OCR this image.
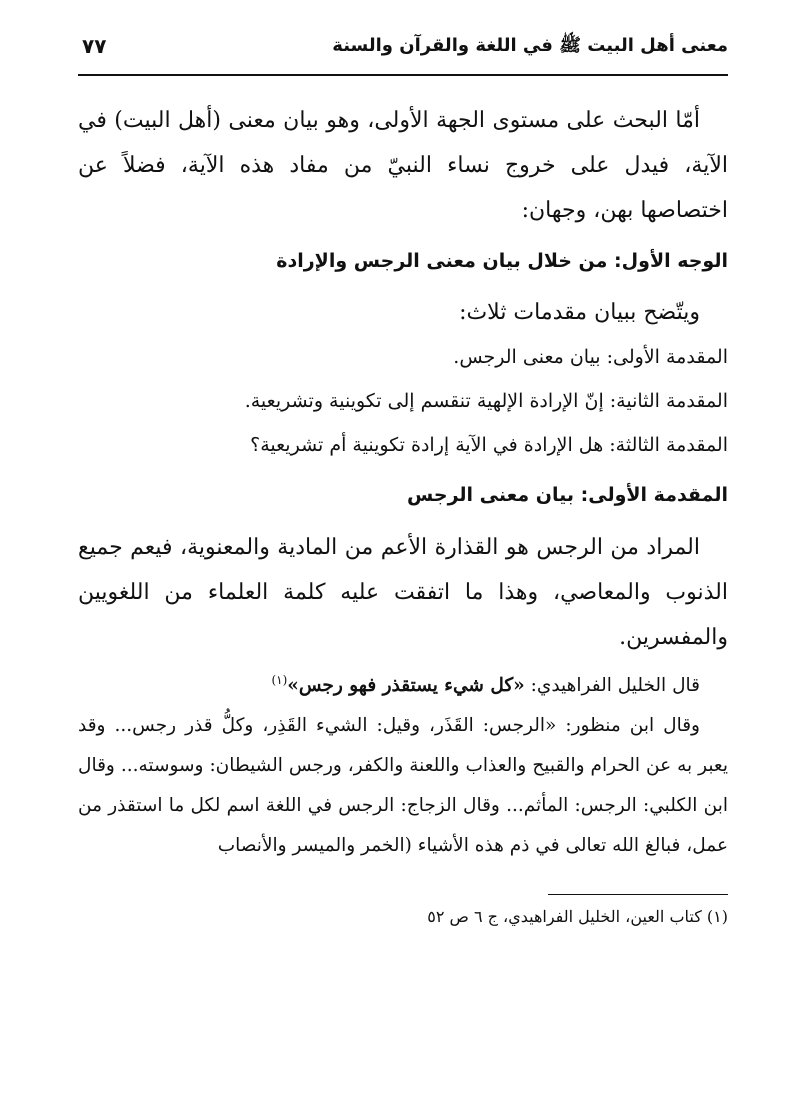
معنى أهل البيت ﷺ في اللغة والقرآن والسنة
٧٧

أمّا البحث على مستوى الجهة الأولى، وهو بيان معنى (أهل البيت) في الآية، فيدل على خروج نساء النبيّ من مفاد هذه الآية، فضلاً عن اختصاصها بهن، وجهان:

الوجه الأول: من خلال بيان معنى الرجس والإرادة

ويتّضح ببيان مقدمات ثلاث:

المقدمة الأولى: بيان معنى الرجس.

المقدمة الثانية: إنّ الإرادة الإلهية تنقسم إلى تكوينية وتشريعية.

المقدمة الثالثة: هل الإرادة في الآية إرادة تكوينية أم تشريعية؟

المقدمة الأولى: بيان معنى الرجس

المراد من الرجس هو القذارة الأعم من المادية والمعنوية، فيعم جميع الذنوب والمعاصي، وهذا ما اتفقت عليه كلمة العلماء من اللغويين والمفسرين.

قال الخليل الفراهيدي: «كل شيء يستقذر فهو رجس»$^{(١)}$

وقال ابن منظور: «الرجس: القَذَر، وقيل: الشيء القَذِر، وكلُّ قذر رجس... وقد يعبر به عن الحرام والقبيح والعذاب واللعنة والكفر، ورجس الشيطان: وسوسته... وقال ابن الكلبي: الرجس: المأثم... وقال الزجاج: الرجس في اللغة اسم لكل ما استقذر من عمل، فبالغ الله تعالى في ذم هذه الأشياء (الخمر والميسر والأنصاب

(١) كتاب العين، الخليل الفراهيدي، ج ٦ ص ٥٢
